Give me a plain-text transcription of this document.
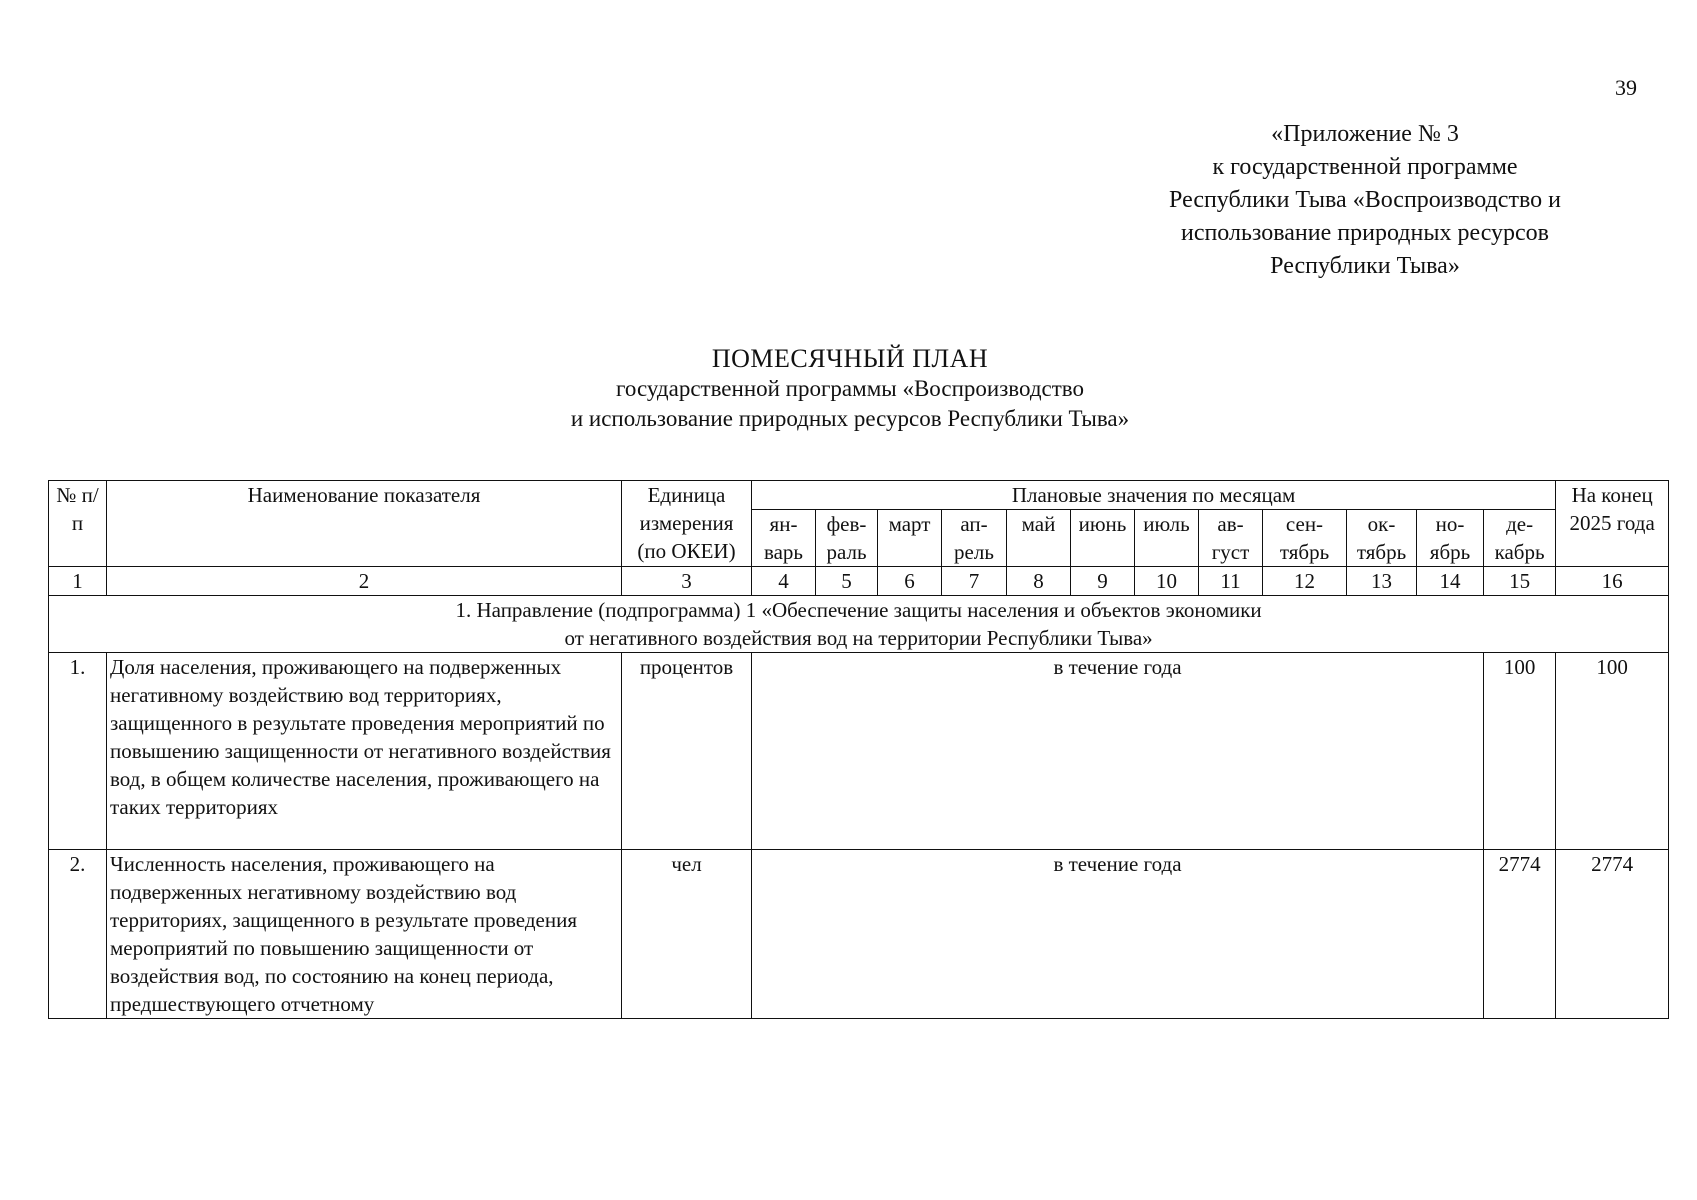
39
«Приложение № 3
к государственной программе
Республики Тыва «Воспроизводство и
использование природных ресурсов
Республики Тыва»
ПОМЕСЯЧНЫЙ ПЛАН
государственной программы «Воспроизводство
и использование природных ресурсов Республики Тыва»
№ п/п	Наименование показателя	Единица измерения (по ОКЕИ)	Плановые значения по месяцам												На конец 2025 года
			ян-варь	фев-раль	март	ап-рель	май	июнь	июль	ав-густ	сен-тябрь	ок-тябрь	но-ябрь	де-кабрь	
1	2	3	4	5	6	7	8	9	10	11	12	13	14	15	16

1. Направление (подпрограмма) 1 «Обеспечение защиты населения и объектов экономики
от негативного воздействия вод на территории Республики Тыва»															

1.	Доля населения, проживающего на подверженных негативному воздействию вод территориях, защищенного в результате проведения мероприятий по повышению защищенности от негативного воздействия вод, в общем количестве населения, проживающего на таких территориях	процентов	в течение года											100	100
2.	Численность населения, проживающего на подверженных негативному воздействию вод территориях, защищенного в результате проведения мероприятий по повышению защищенности от воздействия вод, по состоянию на конец периода, предшествующего отчетному	чел	в течение года											2774	2774
